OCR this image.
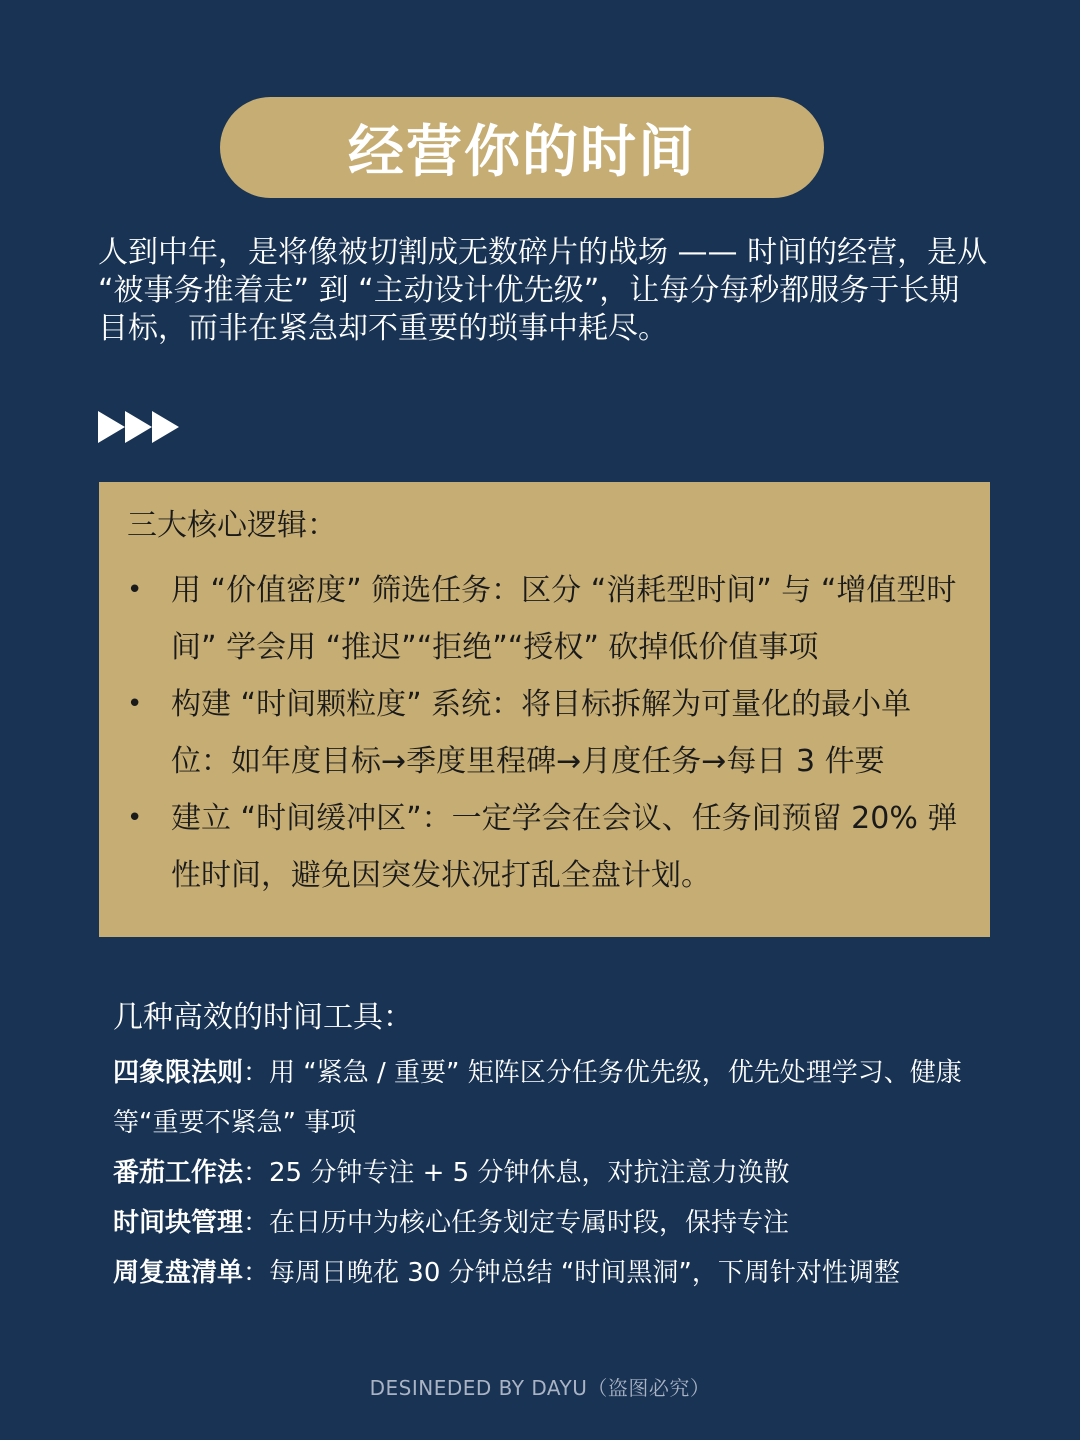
经营你的时间
人到中年，是将像被切割成无数碎片的战场 —— 时间的经营，是从 “被事务推着走” 到 “主动设计优先级”，让每分每秒都服务于长期目标，而非在紧急却不重要的琐事中耗尽。
三大核心逻辑：
• 用 “价值密度” 筛选任务：区分 “消耗型时间” 与 “增值型时间” 学会用 “推迟”“拒绝”“授权” 砍掉低价值事项
• 构建 “时间颗粒度” 系统：将目标拆解为可量化的最小单位：如年度目标→季度里程碑→月度任务→每日 3 件要
• 建立 “时间缓冲区”：一定学会在会议、任务间预留 20% 弹性时间，避免因突发状况打乱全盘计划。
几种高效的时间工具：
四象限法则：用 “紧急 / 重要” 矩阵区分任务优先级，优先处理学习、健康等“重要不紧急” 事项
番茄工作法：25 分钟专注 + 5 分钟休息，对抗注意力涣散
时间块管理：在日历中为核心任务划定专属时段，保持专注
周复盘清单：每周日晚花 30 分钟总结 “时间黑洞”，下周针对性调整
DESINEDED BY DAYU（盗图必究）
